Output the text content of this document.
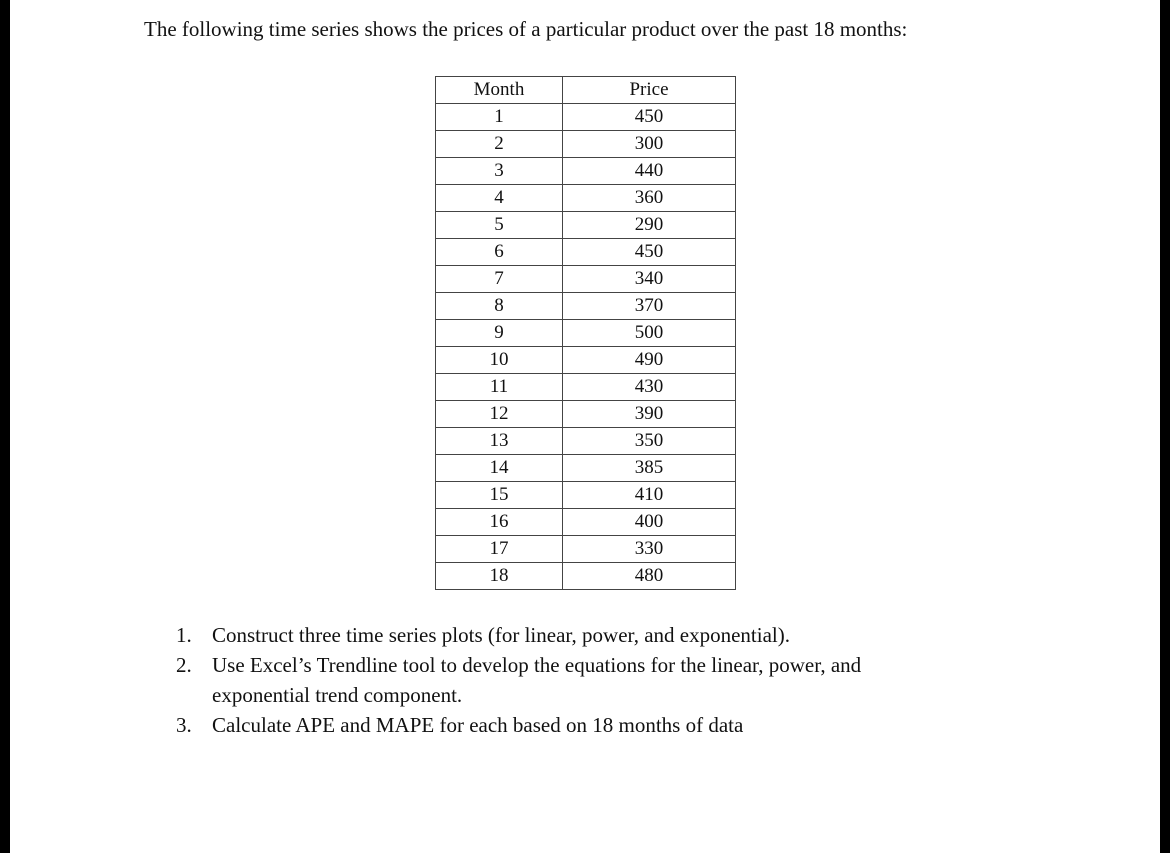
The following time series shows the prices of a particular product over the past 18 months:

Month	Price
1	450
2	300
3	440
4	360
5	290
6	450
7	340
8	370
9	500
10	490
11	430
12	390
13	350
14	385
15	410
16	400
17	330
18	480
1. Construct three time series plots (for linear, power, and exponential).
2. Use Excel’s Trendline tool to develop the equations for the linear, power, and exponential trend component.
3. Calculate APE and MAPE for each based on 18 months of data
